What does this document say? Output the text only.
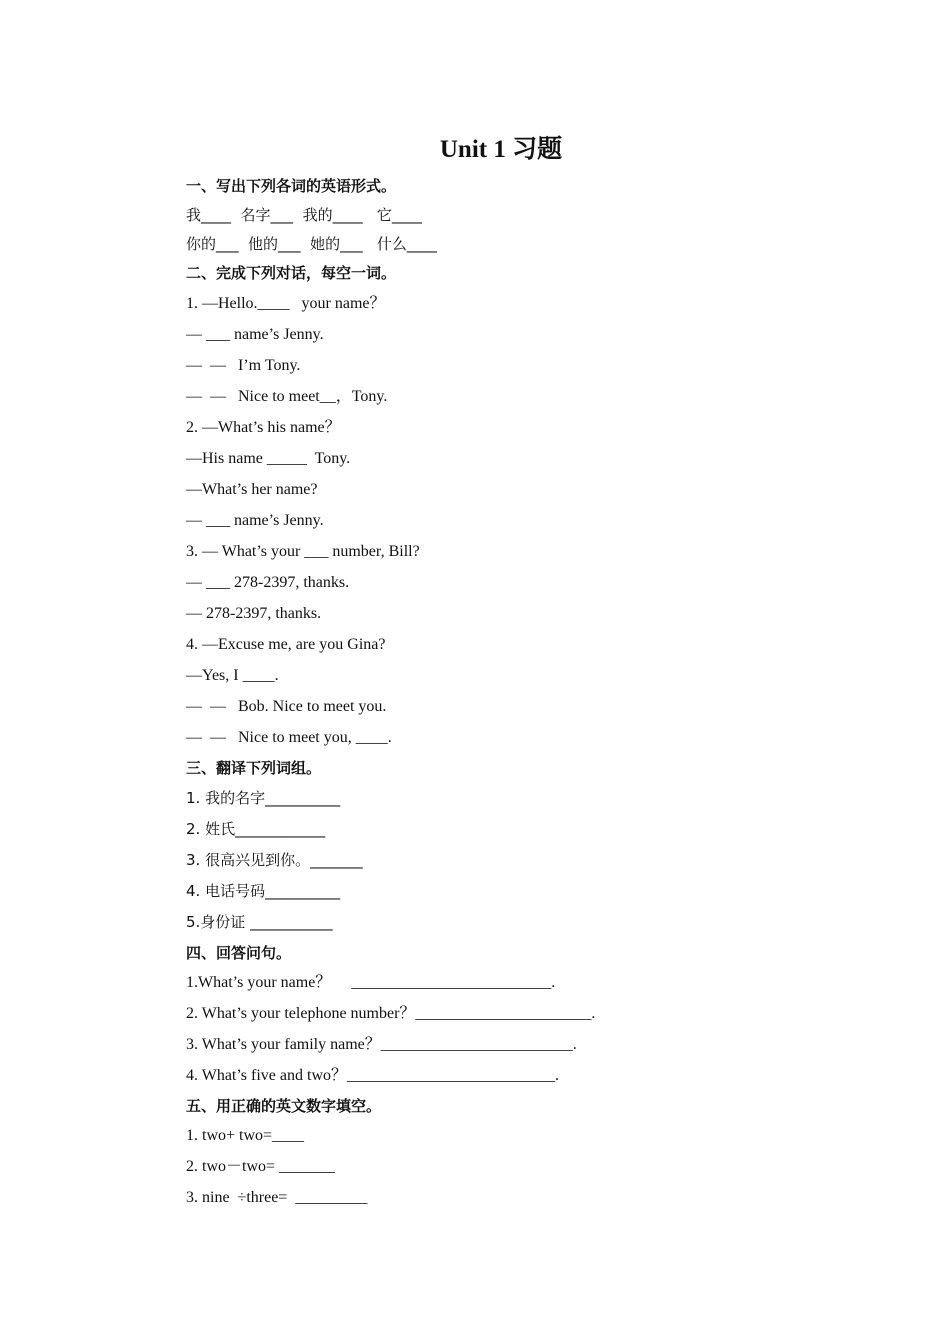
Unit 1 习题
一、写出下列各词的英语形式。
我____  名字___  我的____   它____
你的___  他的___  她的___   什么____
二、完成下列对话，每空一词。
1. —Hello.____   your name？
— ___ name’s Jenny.
—  —   I’m Tony.
—  —   Nice to meet__，Tony.
2. —What’s his name？
—His name _____  Tony.
—What’s her name?
— ___ name’s Jenny.
3. — What’s your ___ number, Bill?
— ___ 278-2397, thanks.
— 278-2397, thanks.
4. —Excuse me, are you Gina?
—Yes, I ____.
—  —   Bob. Nice to meet you.
—  —   Nice to meet you, ____.
三、翻译下列词组。
1. 我的名字__________
2. 姓氏____________
3. 很高兴见到你。_______
4. 电话号码__________
5.身份证 ___________
四、回答问句。
1.What’s your name？     _________________________.
2. What’s your telephone number？______________________.
3. What’s your family name？________________________.
4. What’s five and two？__________________________.
五、用正确的英文数字填空。
1. two+ two=____
2. two－two= _______
3. nine  ÷three=  _________
